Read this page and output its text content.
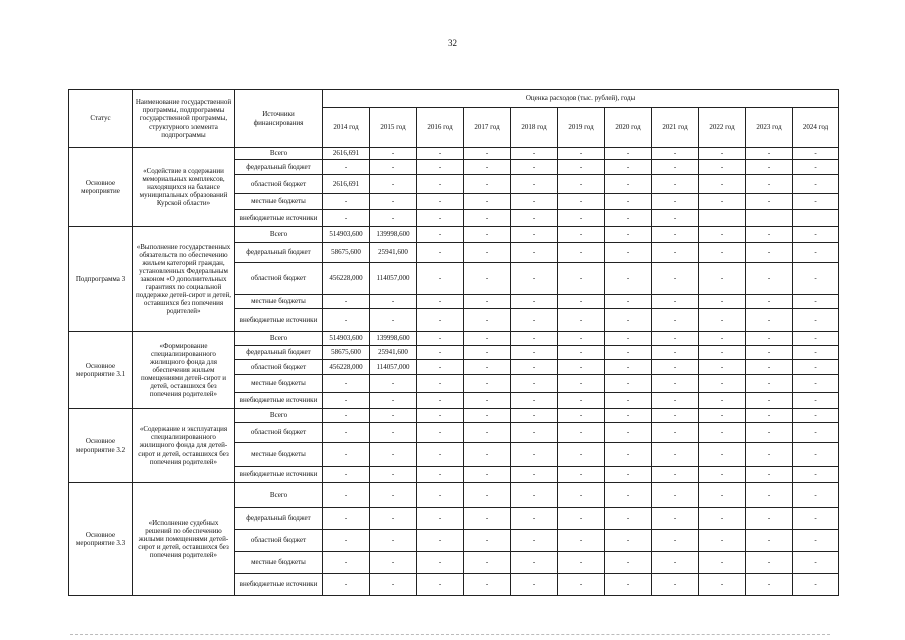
32
Статус	Наименование государственной программы, подпрограммы государственной программы, структурного элемента подпрограммы	Источники финансирования	Оценка расходов (тыс. рублей), годы										
			2014 год	2015 год	2016 год	2017 год	2018 год	2019 год	2020 год	2021 год	2022 год	2023 год	2024 год
Основное мероприятие	«Содействие в содержании мемориальных комплексов, находящихся на балансе муниципальных образований Курской области»	Всего	2616,691	-	-	-	-	-	-	-	-	-	-
		федеральный бюджет	-	-	-	-	-	-	-	-	-	-	-
		областной бюджет	2616,691	-	-	-	-	-	-	-	-	-	-
		местные бюджеты	-	-	-	-	-	-	-	-	-	-	-
		внебюджетные источники	-	-	-	-	-	-	-	-			
Подпрограмма 3	«Выполнение государственных обязательств по обеспечению жильем категорий граждан, установленных Федеральным законом «О дополнительных гарантиях по социальной поддержке детей-сирот и детей, оставшихся без попечения родителей»	Всего	514903,600	139998,600	-	-	-	-	-	-	-	-	-
		федеральный бюджет	58675,600	25941,600	-	-	-	-	-	-	-	-	-
		областной бюджет	456228,000	114057,000	-	-	-	-	-	-	-	-	-
		местные бюджеты	-	-	-	-	-	-	-	-	-	-	-
		внебюджетные источники	-	-	-	-	-	-	-	-	-	-	-
Основное мероприятие 3.1	«Формирование специализированного жилищного фонда для обеспечения жильем помещениями детей-сирот и детей, оставшихся без попечения родителей»	Всего	514903,600	139998,600	-	-	-	-	-	-	-	-	-
		федеральный бюджет	58675,600	25941,600	-	-	-	-	-	-	-	-	-
		областной бюджет	456228,000	114057,000	-	-	-	-	-	-	-	-	-
		местные бюджеты	-	-	-	-	-	-	-	-	-	-	-
		внебюджетные источники	-	-	-	-	-	-	-	-	-	-	-
Основное мероприятие 3.2	«Содержание и эксплуатация специализированного жилищного фонда для детей-сирот и детей, оставшихся без попечения родителей»	Всего	-	-	-	-	-	-	-	-	-	-	-
		областной бюджет	-	-	-	-	-	-	-	-	-	-	-
		местные бюджеты	-	-	-	-	-	-	-	-	-	-	-
		внебюджетные источники	-	-	-	-	-	-	-	-	-	-	-
Основное мероприятие 3.3	«Исполнение судебных решений по обеспечению жилыми помещениями детей-сирот и детей, оставшихся без попечения родителей»	Всего	-	-	-	-	-	-	-	-	-	-	-
		федеральный бюджет	-	-	-	-	-	-	-	-	-	-	-
		областной бюджет	-	-	-	-	-	-	-	-	-	-	-
		местные бюджеты	-	-	-	-	-	-	-	-	-	-	-
		внебюджетные источники	-	-	-	-	-	-	-	-	-	-	-
